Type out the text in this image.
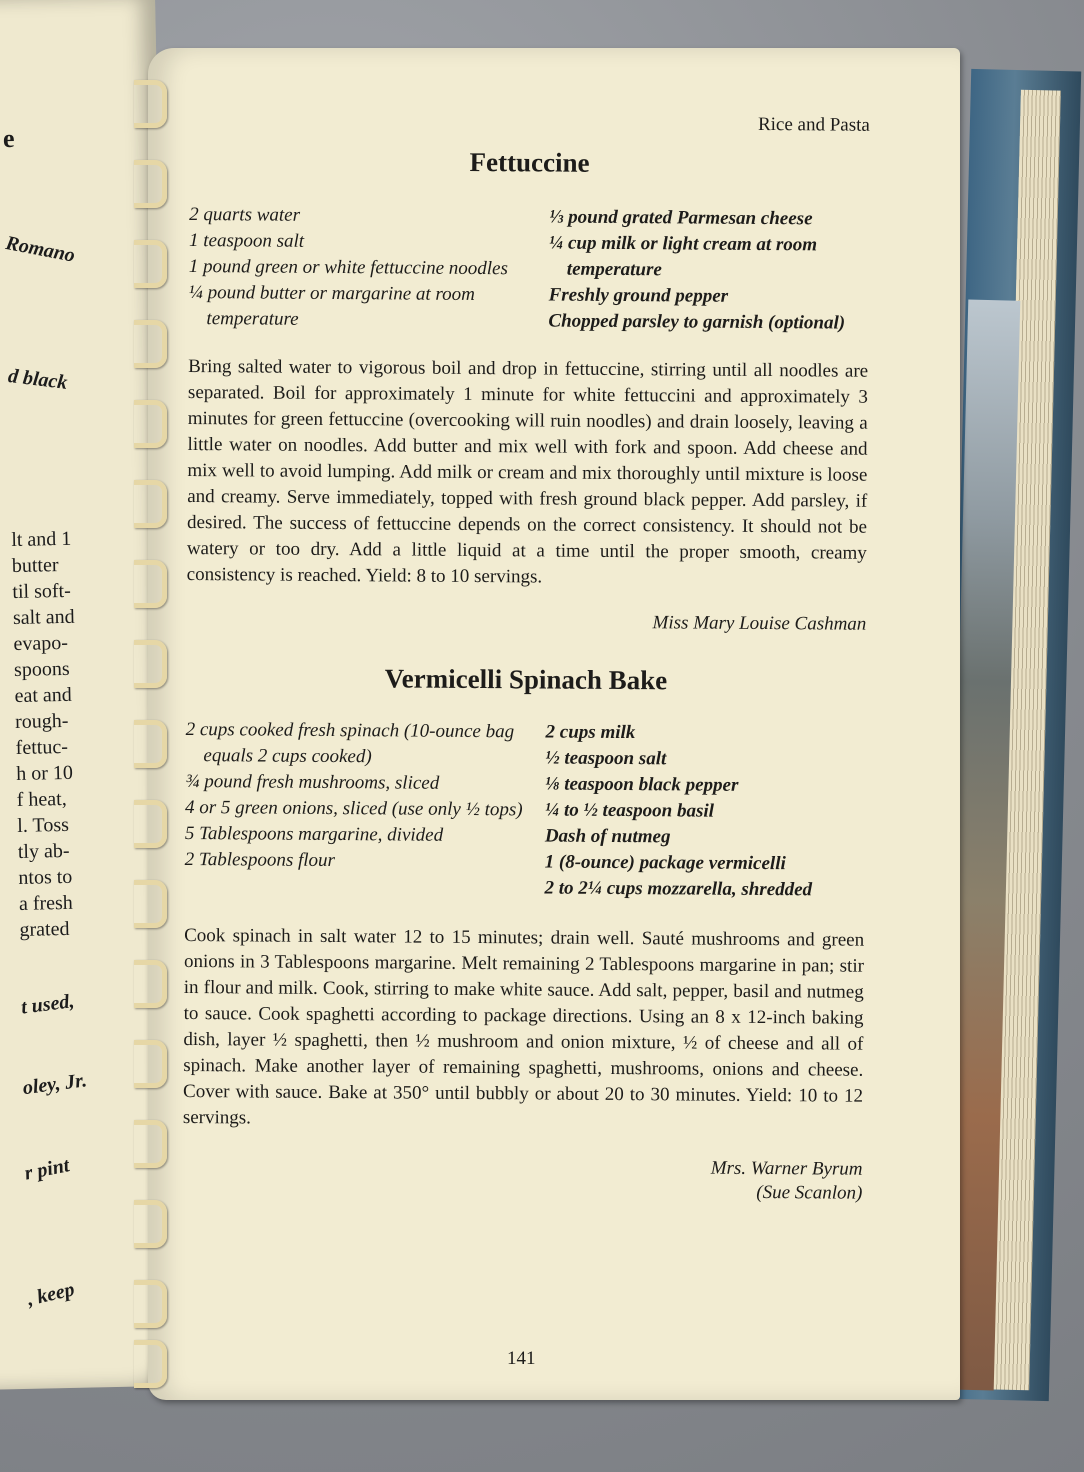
e
Romano
d black
lt and 1
butter
til soft-
salt and
evapo-
spoons
eat and
rough-
fettuc-
h or 10
f heat,
l. Toss
tly ab-
ntos to
a fresh
grated
t used,
oley, Jr.
r pint
, keep
Rice and Pasta
Fettuccine
2 quarts water
1 teaspoon salt
1 pound green or white fettuccine noodles
¼ pound butter or margarine at room temperature
⅓ pound grated Parmesan cheese
¼ cup milk or light cream at room temperature
Freshly ground pepper
Chopped parsley to garnish (optional)

Bring salted water to vigorous boil and drop in fettuccine, stirring until all noodles are separated. Boil for approximately 1 minute for white fettuccini and approximately 3 minutes for green fettuccine (overcooking will ruin noodles) and drain loosely, leaving a little water on noodles. Add butter and mix well with fork and spoon. Add cheese and mix well to avoid lumping. Add milk or cream and mix thoroughly until mixture is loose and creamy. Serve immediately, topped with fresh ground black pepper. Add parsley, if desired. The success of fettuccine depends on the correct consistency. It should not be watery or too dry. Add a little liquid at a time until the proper smooth, creamy consistency is reached. Yield: 8 to 10 servings.

Miss Mary Louise Cashman
Vermicelli Spinach Bake
2 cups cooked fresh spinach (10-ounce bag equals 2 cups cooked)
¾ pound fresh mushrooms, sliced
4 or 5 green onions, sliced (use only ½ tops)
5 Tablespoons margarine, divided
2 Tablespoons flour
2 cups milk
½ teaspoon salt
⅛ teaspoon black pepper
¼ to ½ teaspoon basil
Dash of nutmeg
1 (8-ounce) package vermicelli
2 to 2¼ cups mozzarella, shredded

Cook spinach in salt water 12 to 15 minutes; drain well. Sauté mushrooms and green onions in 3 Tablespoons margarine. Melt remaining 2 Tablespoons margarine in pan; stir in flour and milk. Cook, stirring to make white sauce. Add salt, pepper, basil and nutmeg to sauce. Cook spaghetti according to package directions. Using an 8 x 12-inch baking dish, layer ½ spaghetti, then ½ mushroom and onion mixture, ½ of cheese and all of spinach. Make another layer of remaining spaghetti, mushrooms, onions and cheese. Cover with sauce. Bake at 350° until bubbly or about 20 to 30 minutes. Yield: 10 to 12 servings.

Mrs. Warner Byrum
(Sue Scanlon)
141
